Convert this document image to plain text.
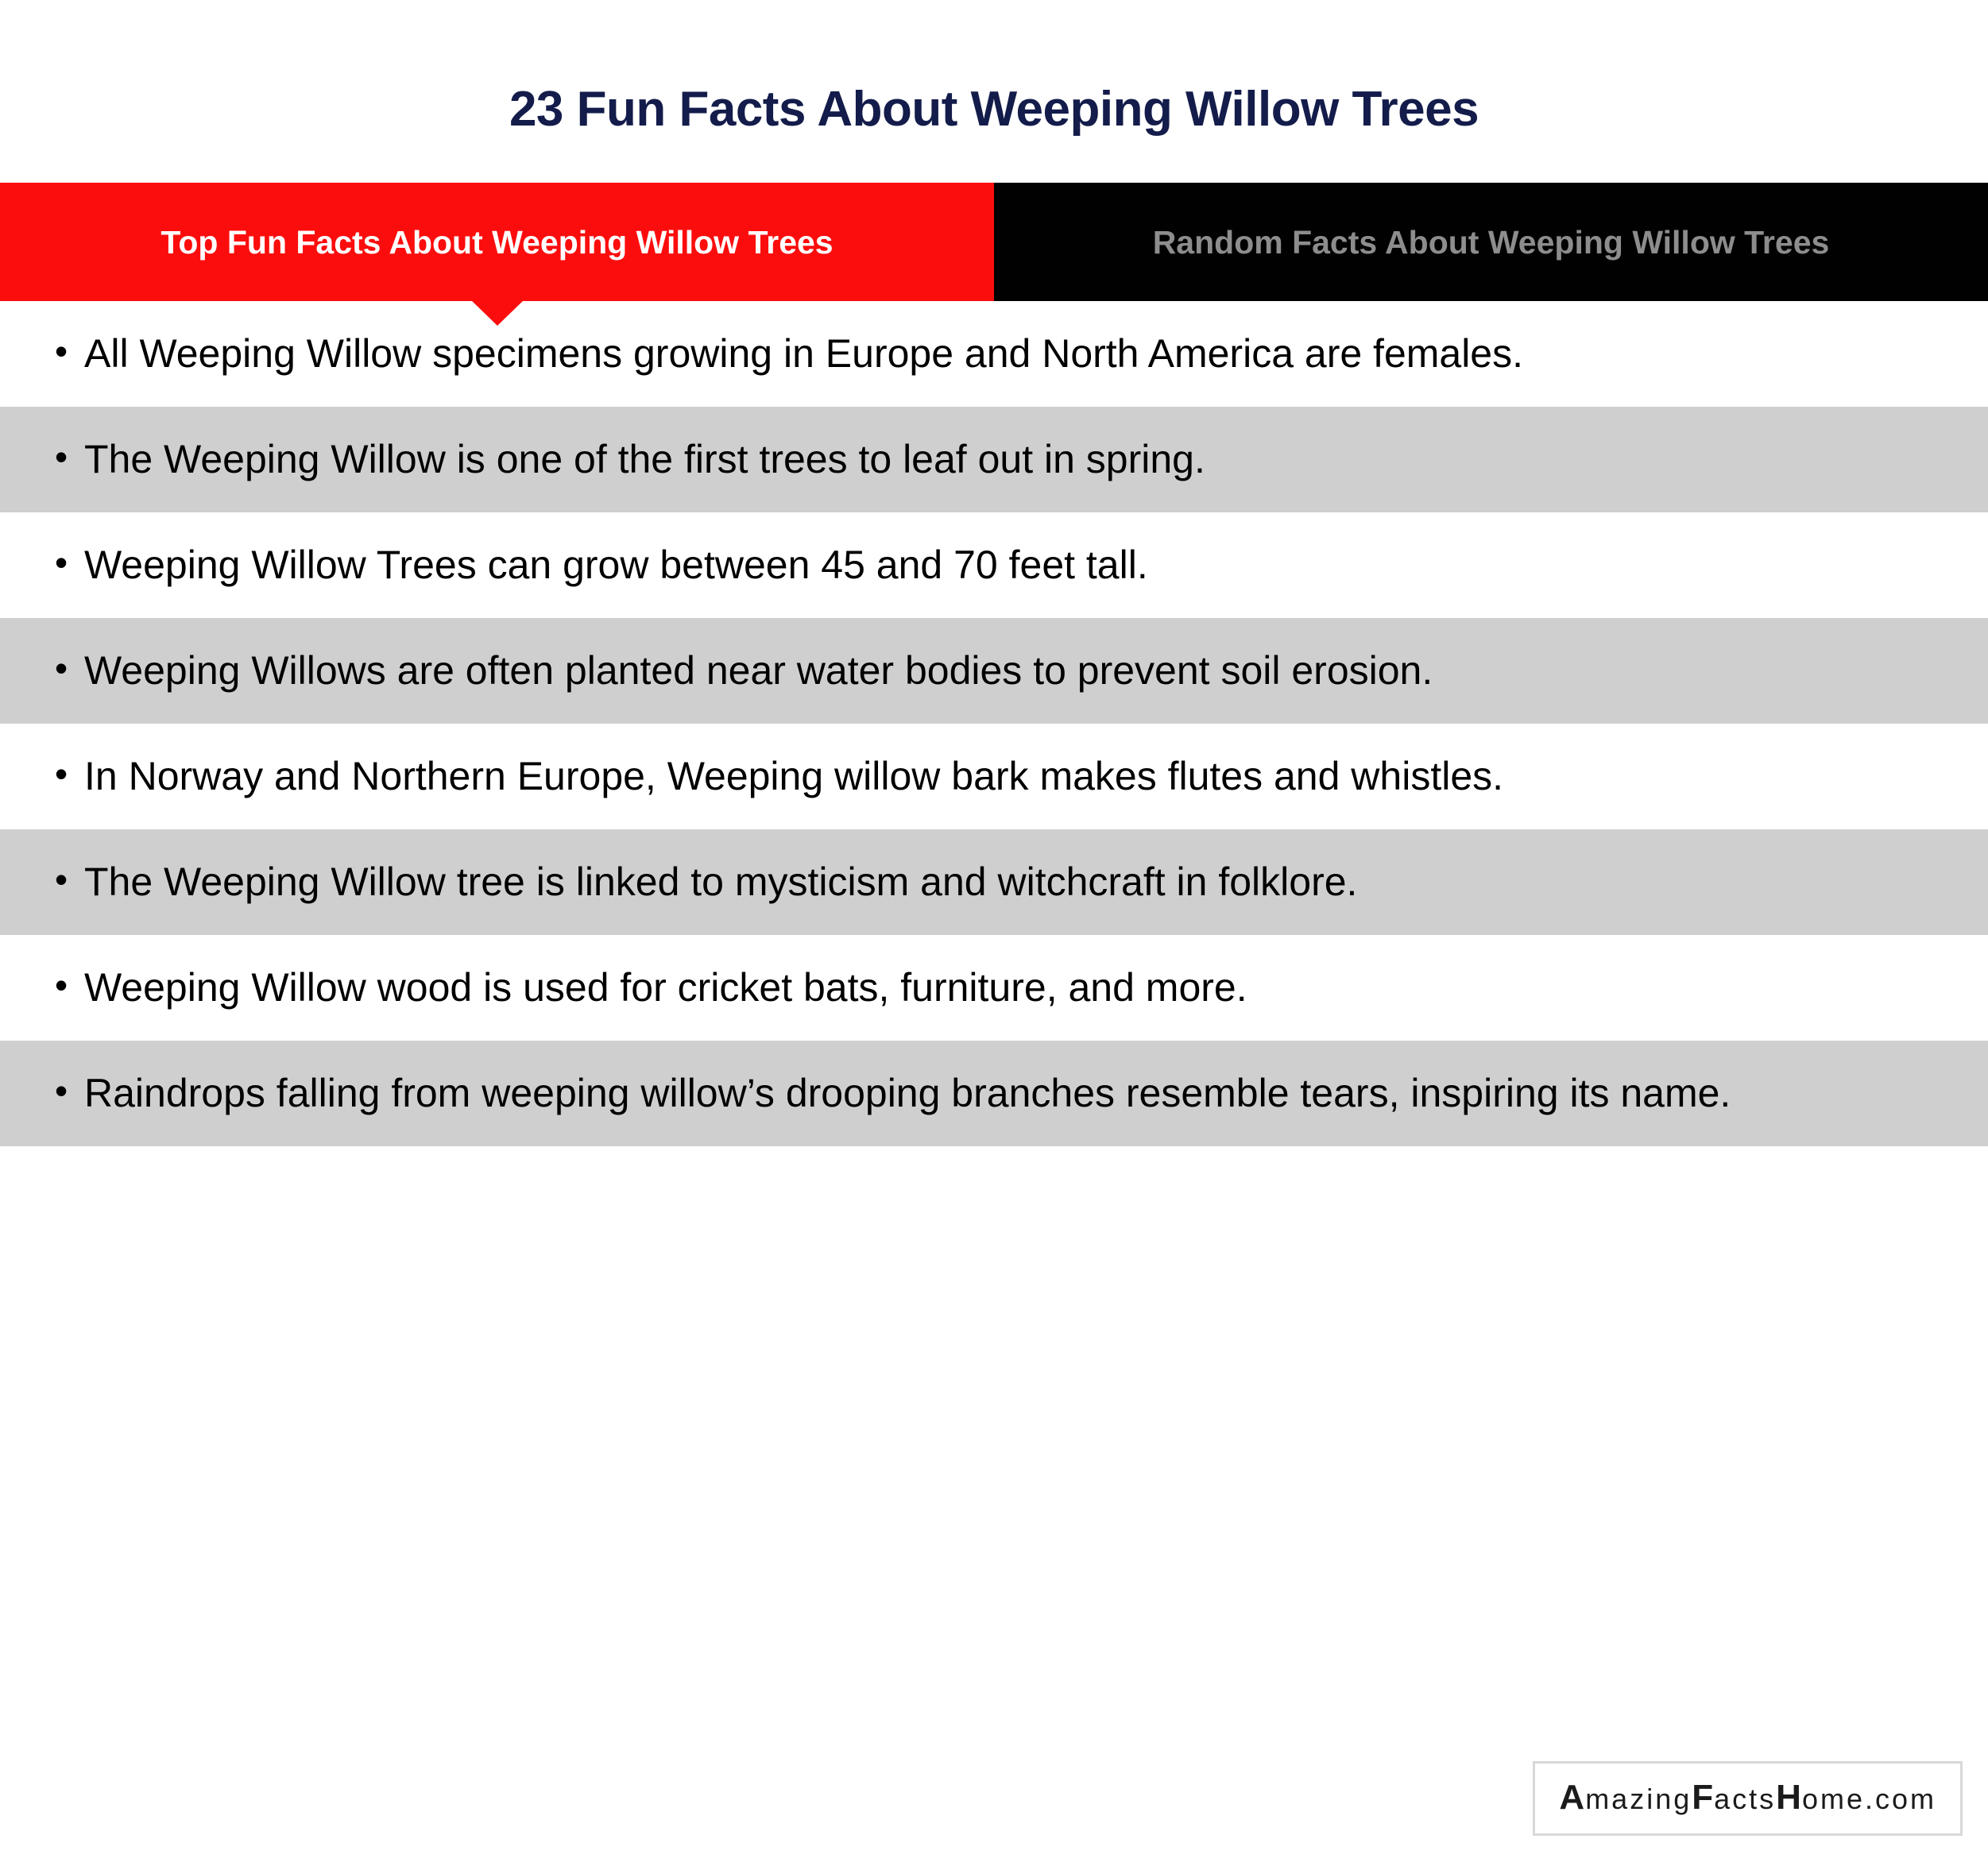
23 Fun Facts About Weeping Willow Trees
Top Fun Facts About Weeping Willow Trees	Random Facts About Weeping Willow Trees
• All Weeping Willow specimens growing in Europe and North America are females.
• The Weeping Willow is one of the first trees to leaf out in spring.
• Weeping Willow Trees can grow between 45 and 70 feet tall.
• Weeping Willows are often planted near water bodies to prevent soil erosion.
• In Norway and Northern Europe, Weeping willow bark makes flutes and whistles.
• The Weeping Willow tree is linked to mysticism and witchcraft in folklore.
• Weeping Willow wood is used for cricket bats, furniture, and more.
• Raindrops falling from weeping willow’s drooping branches resemble tears, inspiring its name.
AmazingFactsHome.com
